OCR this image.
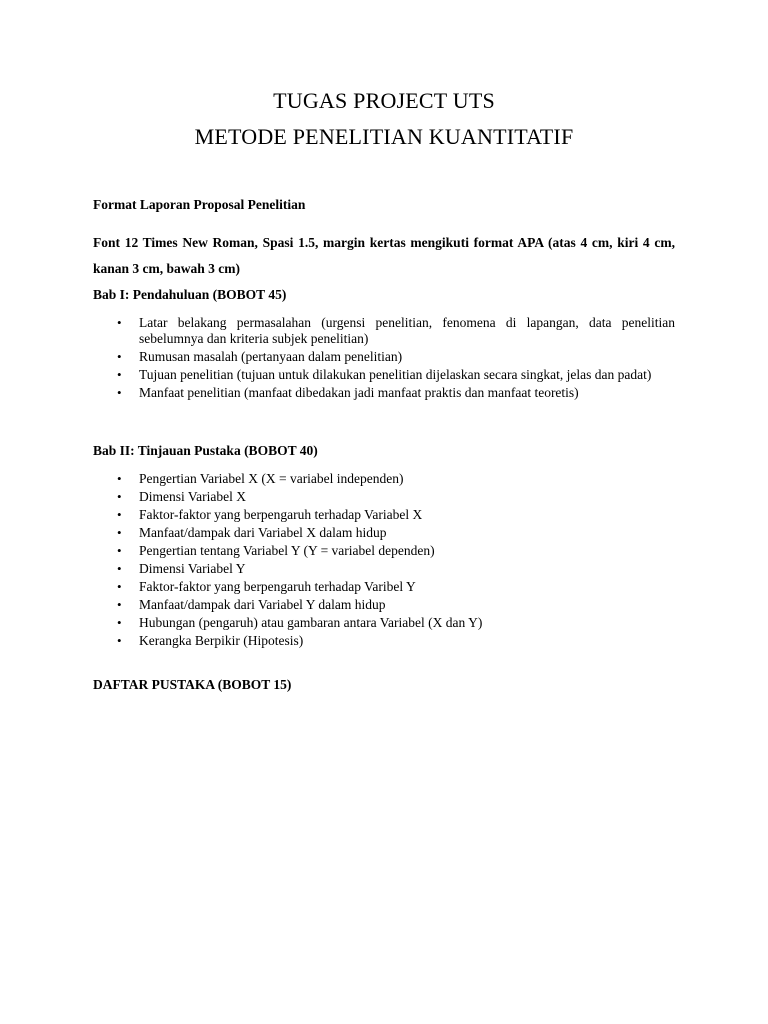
TUGAS PROJECT UTS
METODE PENELITIAN KUANTITATIF
Format Laporan Proposal Penelitian
Font 12 Times New Roman, Spasi 1.5, margin kertas mengikuti format APA (atas 4 cm, kiri 4 cm, kanan 3 cm, bawah 3 cm)
Bab I: Pendahuluan (BOBOT 45)
• Latar belakang permasalahan (urgensi penelitian, fenomena di lapangan, data penelitian sebelumnya dan kriteria subjek penelitian)
• Rumusan masalah (pertanyaan dalam penelitian)
• Tujuan penelitian (tujuan untuk dilakukan penelitian dijelaskan secara singkat, jelas dan padat)
• Manfaat penelitian (manfaat dibedakan jadi manfaat praktis dan manfaat teoretis)
Bab II: Tinjauan Pustaka (BOBOT 40)
• Pengertian Variabel X (X = variabel independen)
• Dimensi Variabel X
• Faktor-faktor yang berpengaruh terhadap Variabel X
• Manfaat/dampak dari Variabel X dalam hidup
• Pengertian tentang Variabel Y (Y = variabel dependen)
• Dimensi Variabel Y
• Faktor-faktor yang berpengaruh terhadap Varibel Y
• Manfaat/dampak dari Variabel Y dalam hidup
• Hubungan (pengaruh) atau gambaran antara Variabel (X dan Y)
• Kerangka Berpikir (Hipotesis)
DAFTAR PUSTAKA (BOBOT 15)
